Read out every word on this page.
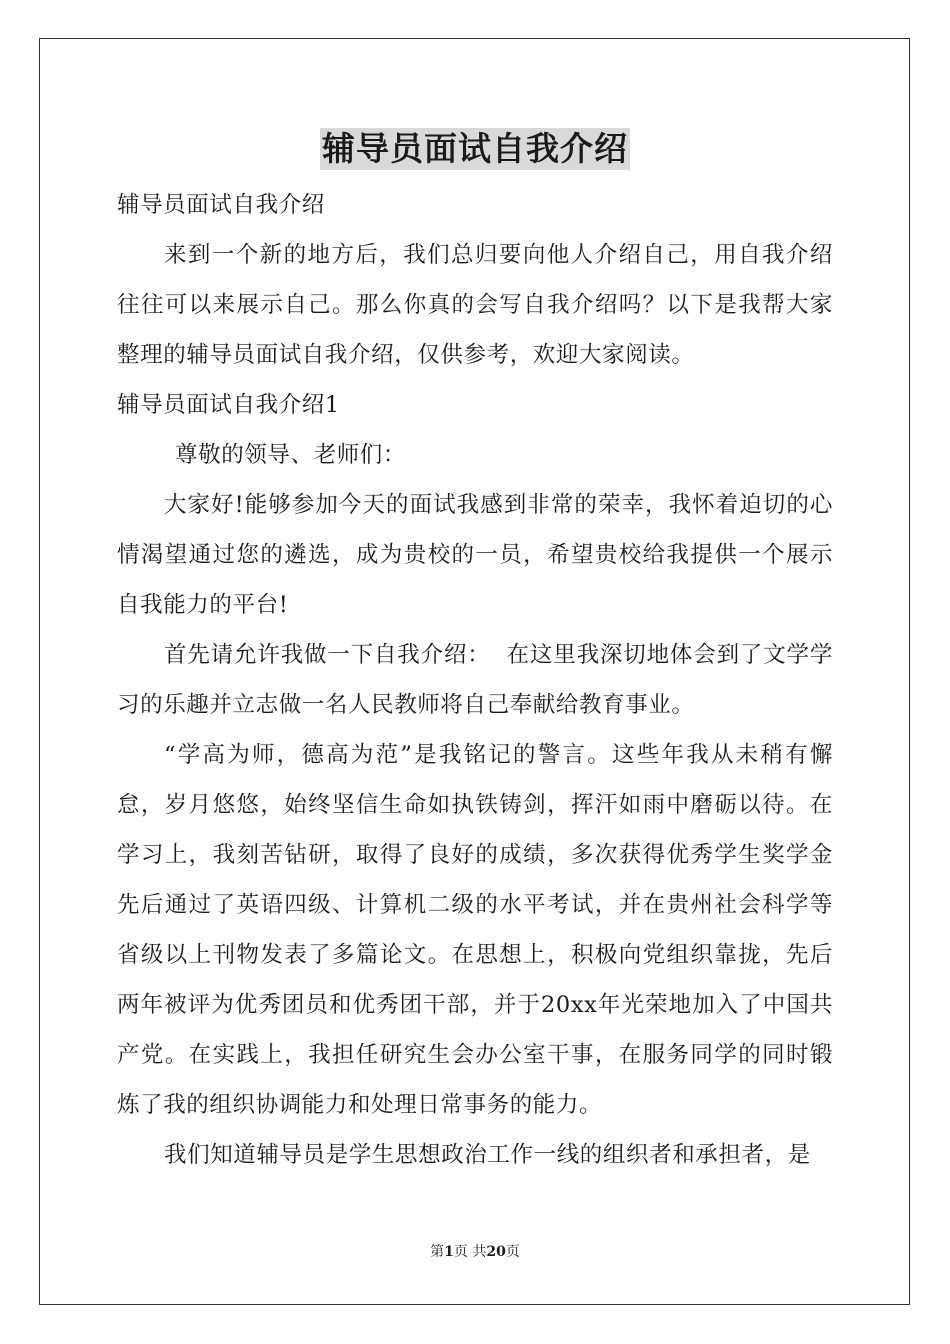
辅导员面试自我介绍

辅导员面试自我介绍

来到一个新的地方后，我们总归要向他人介绍自己，用自我介绍往往可以来展示自己。那么你真的会写自我介绍吗？以下是我帮大家整理的辅导员面试自我介绍，仅供参考，欢迎大家阅读。

辅导员面试自我介绍1

尊敬的领导、老师们：

大家好!能够参加今天的面试我感到非常的荣幸，我怀着迫切的心情渴望通过您的遴选，成为贵校的一员，希望贵校给我提供一个展示自我能力的平台!

首先请允许我做一下自我介绍：  在这里我深切地体会到了文学学习的乐趣并立志做一名人民教师将自己奉献给教育事业。

“学高为师，德高为范”是我铭记的警言。这些年我从未稍有懈怠，岁月悠悠，始终坚信生命如执铁铸剑，挥汗如雨中磨砺以待。在学习上，我刻苦钻研，取得了良好的成绩，多次获得优秀学生奖学金先后通过了英语四级、计算机二级的水平考试，并在贵州社会科学等省级以上刊物发表了多篇论文。在思想上，积极向党组织靠拢，先后两年被评为优秀团员和优秀团干部，并于20xx年光荣地加入了中国共产党。在实践上，我担任研究生会办公室干事，在服务同学的同时锻炼了我的组织协调能力和处理日常事务的能力。

我们知道辅导员是学生思想政治工作一线的组织者和承担者，是

第1页 共20页
